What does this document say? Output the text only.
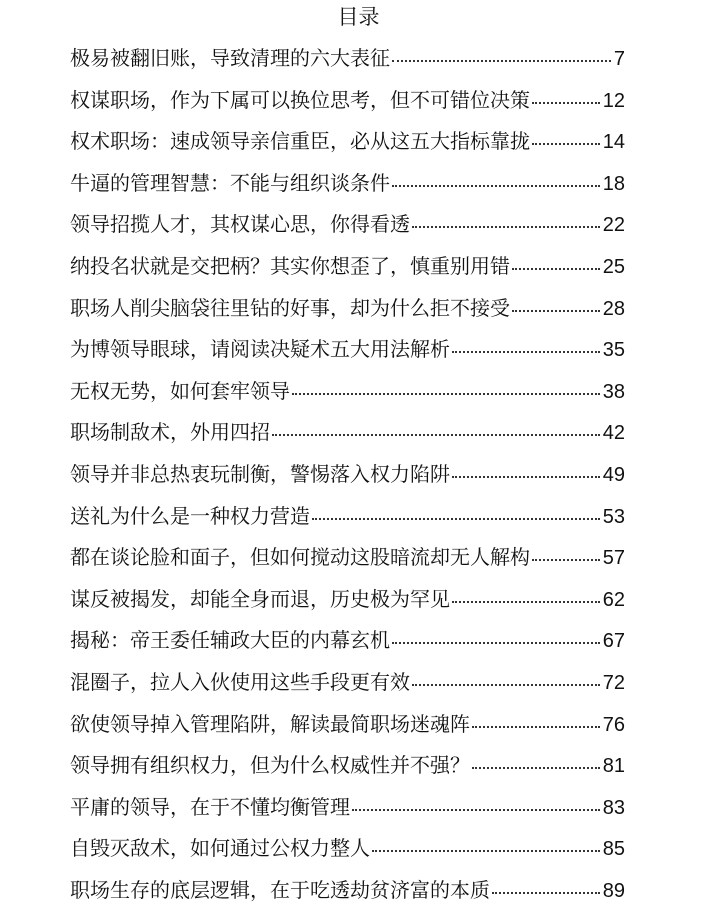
目录
极易被翻旧账，导致清理的六大表征	7
权谋职场，作为下属可以换位思考，但不可错位决策	12
权术职场：速成领导亲信重臣，必从这五大指标靠拢	14
牛逼的管理智慧：不能与组织谈条件	18
领导招揽人才，其权谋心思，你得看透	22
纳投名状就是交把柄？其实你想歪了，慎重别用错	25
职场人削尖脑袋往里钻的好事，却为什么拒不接受	28
为博领导眼球，请阅读决疑术五大用法解析	35
无权无势，如何套牢领导	38
职场制敌术，外用四招	42
领导并非总热衷玩制衡，警惕落入权力陷阱	49
送礼为什么是一种权力营造	53
都在谈论脸和面子，但如何搅动这股暗流却无人解构	57
谋反被揭发，却能全身而退，历史极为罕见	62
揭秘：帝王委任辅政大臣的内幕玄机	67
混圈子，拉人入伙使用这些手段更有效	72
欲使领导掉入管理陷阱，解读最简职场迷魂阵	76
领导拥有组织权力，但为什么权威性并不强？	81
平庸的领导，在于不懂均衡管理	83
自毁灭敌术，如何通过公权力整人	85
职场生存的底层逻辑，在于吃透劫贫济富的本质	89
